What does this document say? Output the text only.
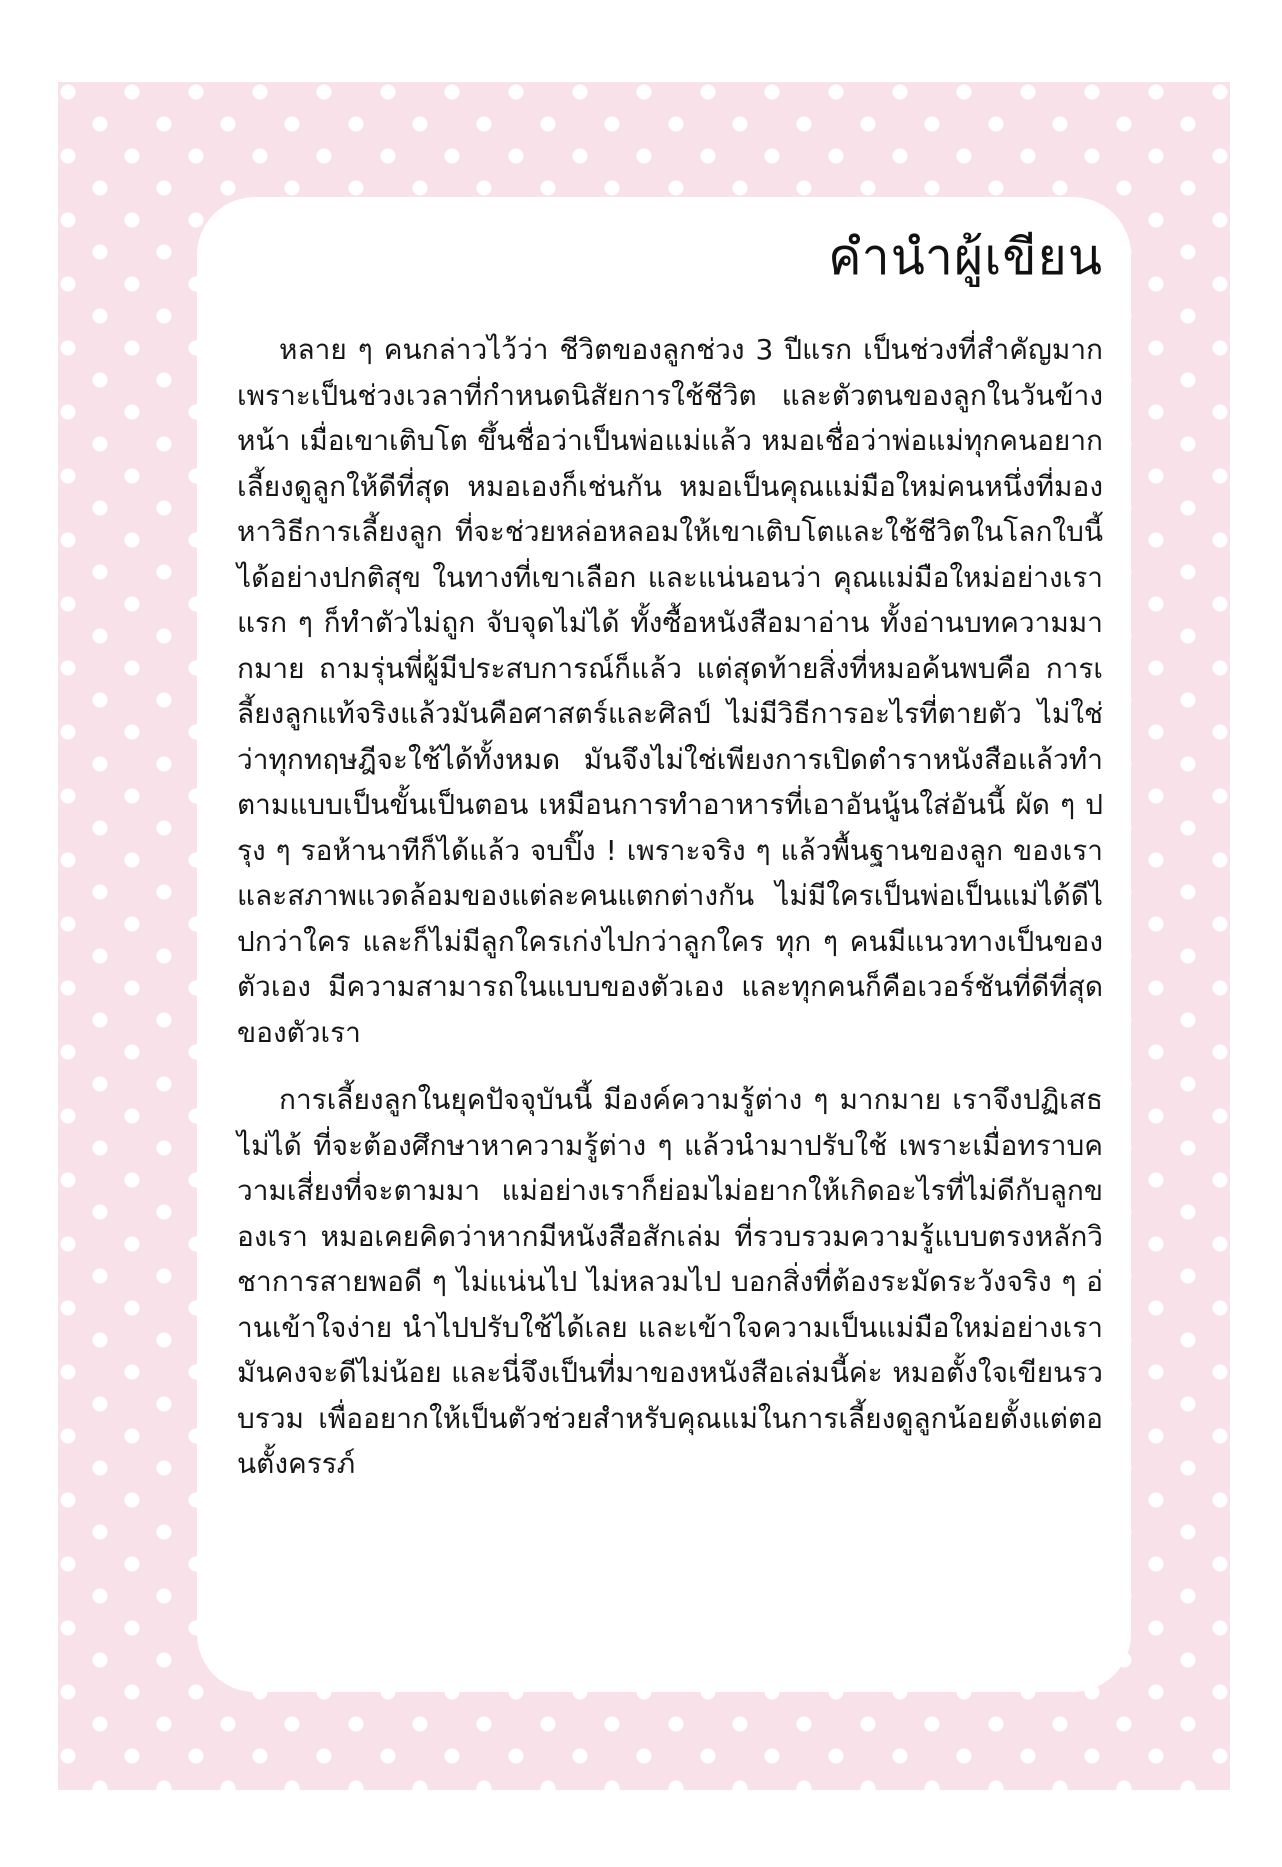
คำนำผู้เขียน

หลาย ๆ คนกล่าวไว้ว่า ชีวิตของลูกช่วง 3 ปีแรก เป็นช่วงที่สำคัญมาก เพราะเป็นช่วงเวลาที่กำหนดนิสัยการใช้ชีวิต และตัวตนของลูกในวันข้างหน้า เมื่อเขาเติบโต ขึ้นชื่อว่าเป็นพ่อแม่แล้ว หมอเชื่อว่าพ่อแม่ทุกคนอยากเลี้ยงดูลูกให้ดีที่สุด หมอเองก็เช่นกัน หมอเป็นคุณแม่มือใหม่คนหนึ่งที่มองหาวิธีการเลี้ยงลูก ที่จะช่วยหล่อหลอมให้เขาเติบโตและใช้ชีวิตในโลกใบนี้ได้อย่างปกติสุข ในทางที่เขาเลือก และแน่นอนว่า คุณแม่มือใหม่อย่างเรา แรก ๆ ก็ทำตัวไม่ถูก จับจุดไม่ได้ ทั้งซื้อหนังสือมาอ่าน ทั้งอ่านบทความมากมาย ถามรุ่นพี่ผู้มีประสบการณ์ก็แล้ว แต่สุดท้ายสิ่งที่หมอค้นพบคือ การเลี้ยงลูกแท้จริงแล้วมันคือศาสตร์และศิลป์ ไม่มีวิธีการอะไรที่ตายตัว ไม่ใช่ว่าทุกทฤษฎีจะใช้ได้ทั้งหมด มันจึงไม่ใช่เพียงการเปิดตำราหนังสือแล้วทำตามแบบเป็นขั้นเป็นตอน เหมือนการทำอาหารที่เอาอันนู้นใส่อันนี้ ผัด ๆ ปรุง ๆ รอห้านาทีก็ได้แล้ว จบปิ๊ง ! เพราะจริง ๆ แล้วพื้นฐานของลูก ของเรา และสภาพแวดล้อมของแต่ละคนแตกต่างกัน ไม่มีใครเป็นพ่อเป็นแม่ได้ดีไปกว่าใคร และก็ไม่มีลูกใครเก่งไปกว่าลูกใคร ทุก ๆ คนมีแนวทางเป็นของตัวเอง มีความสามารถในแบบของตัวเอง และทุกคนก็คือเวอร์ชันที่ดีที่สุดของตัวเรา

การเลี้ยงลูกในยุคปัจจุบันนี้ มีองค์ความรู้ต่าง ๆ มากมาย เราจึงปฏิเสธไม่ได้ ที่จะต้องศึกษาหาความรู้ต่าง ๆ แล้วนำมาปรับใช้ เพราะเมื่อทราบความเสี่ยงที่จะตามมา แม่อย่างเราก็ย่อมไม่อยากให้เกิดอะไรที่ไม่ดีกับลูกของเรา หมอเคยคิดว่าหากมีหนังสือสักเล่ม ที่รวบรวมความรู้แบบตรงหลักวิชาการสายพอดี ๆ ไม่แน่นไป ไม่หลวมไป บอกสิ่งที่ต้องระมัดระวังจริง ๆ อ่านเข้าใจง่าย นำไปปรับใช้ได้เลย และเข้าใจความเป็นแม่มือใหม่อย่างเรา มันคงจะดีไม่น้อย และนี่จึงเป็นที่มาของหนังสือเล่มนี้ค่ะ หมอตั้งใจเขียนรวบรวม เพื่ออยากให้เป็นตัวช่วยสำหรับคุณแม่ในการเลี้ยงดูลูกน้อยตั้งแต่ตอนตั้งครรภ์
